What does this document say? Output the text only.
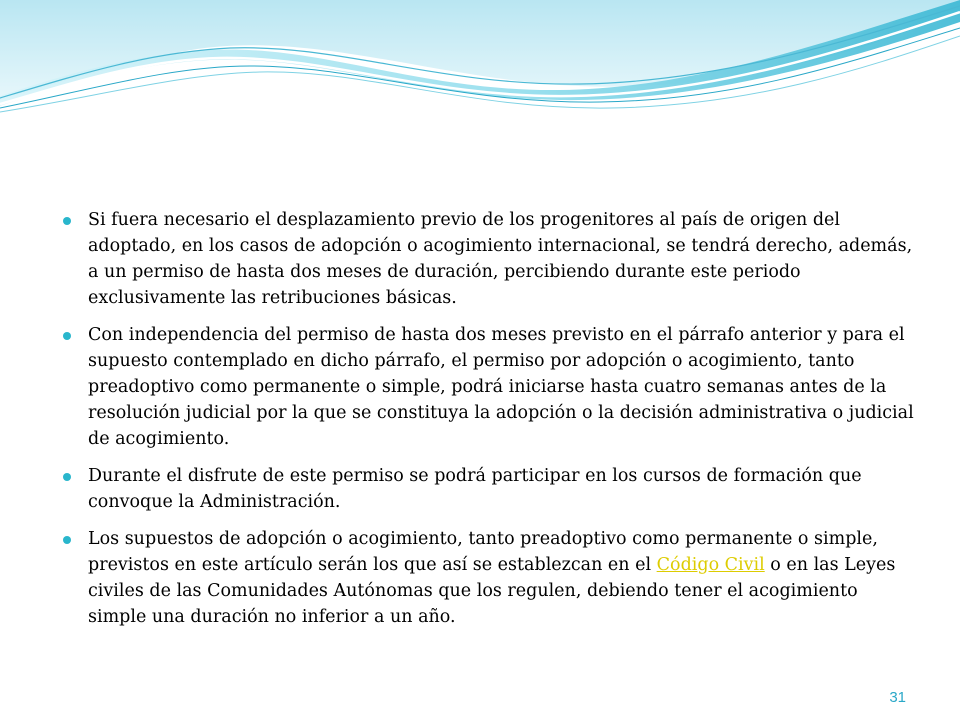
Si fuera necesario el desplazamiento previo de los progenitores al país de origen del adoptado, en los casos de adopción o acogimiento internacional, se tendrá derecho, además, a un permiso de hasta dos meses de duración, percibiendo durante este periodo exclusivamente las retribuciones básicas.
Con independencia del permiso de hasta dos meses previsto en el párrafo anterior y para el supuesto contemplado en dicho párrafo, el permiso por adopción o acogimiento, tanto preadoptivo como permanente o simple, podrá iniciarse hasta cuatro semanas antes de la resolución judicial por la que se constituya la adopción o la decisión administrativa o judicial de acogimiento.
Durante el disfrute de este permiso se podrá participar en los cursos de formación que convoque la Administración.
Los supuestos de adopción o acogimiento, tanto preadoptivo como permanente o simple, previstos en este artículo serán los que así se establezcan en el Código Civil o en las Leyes civiles de las Comunidades Autónomas que los regulen, debiendo tener el acogimiento simple una duración no inferior a un año.
31
